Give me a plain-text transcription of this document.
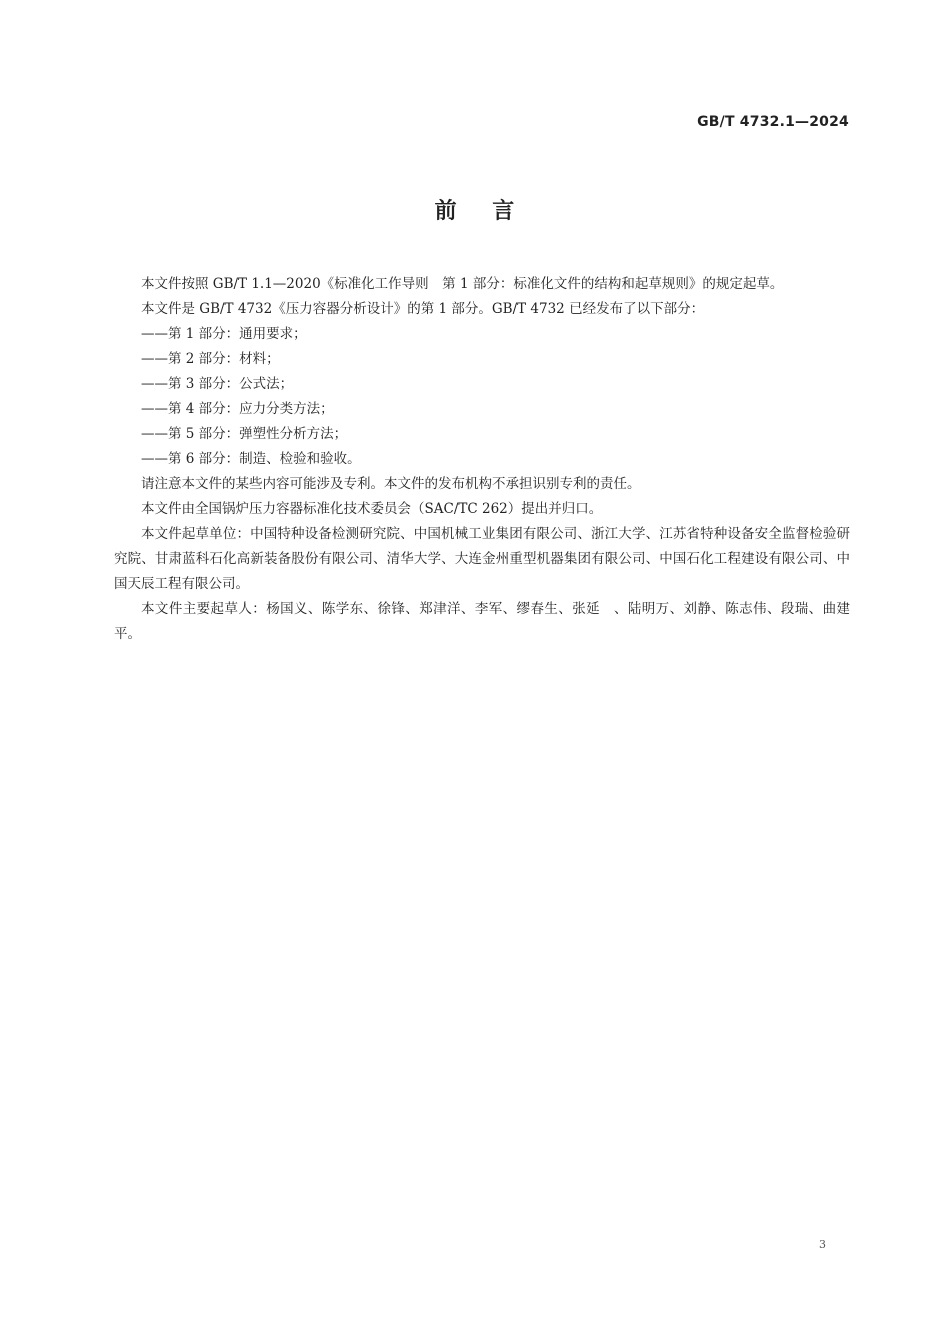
GB/T 4732.1—2024
前    言

本文件按照 GB/T 1.1—2020《标准化工作导则　第 1 部分：标准化文件的结构和起草规则》的规定起草。

本文件是 GB/T 4732《压力容器分析设计》的第 1 部分。GB/T 4732 已经发布了以下部分：

——第 1 部分：通用要求；

——第 2 部分：材料；

——第 3 部分：公式法；

——第 4 部分：应力分类方法；

——第 5 部分：弹塑性分析方法；

——第 6 部分：制造、检验和验收。

请注意本文件的某些内容可能涉及专利。本文件的发布机构不承担识别专利的责任。

本文件由全国锅炉压力容器标准化技术委员会（SAC/TC 262）提出并归口。

本文件起草单位：中国特种设备检测研究院、中国机械工业集团有限公司、浙江大学、江苏省特种设备安全监督检验研究院、甘肃蓝科石化高新装备股份有限公司、清华大学、大连金州重型机器集团有限公司、中国石化工程建设有限公司、中国天辰工程有限公司。

本文件主要起草人：杨国义、陈学东、徐锋、郑津洋、李军、缪春生、张延　、陆明万、刘静、陈志伟、段瑞、曲建平。

3
